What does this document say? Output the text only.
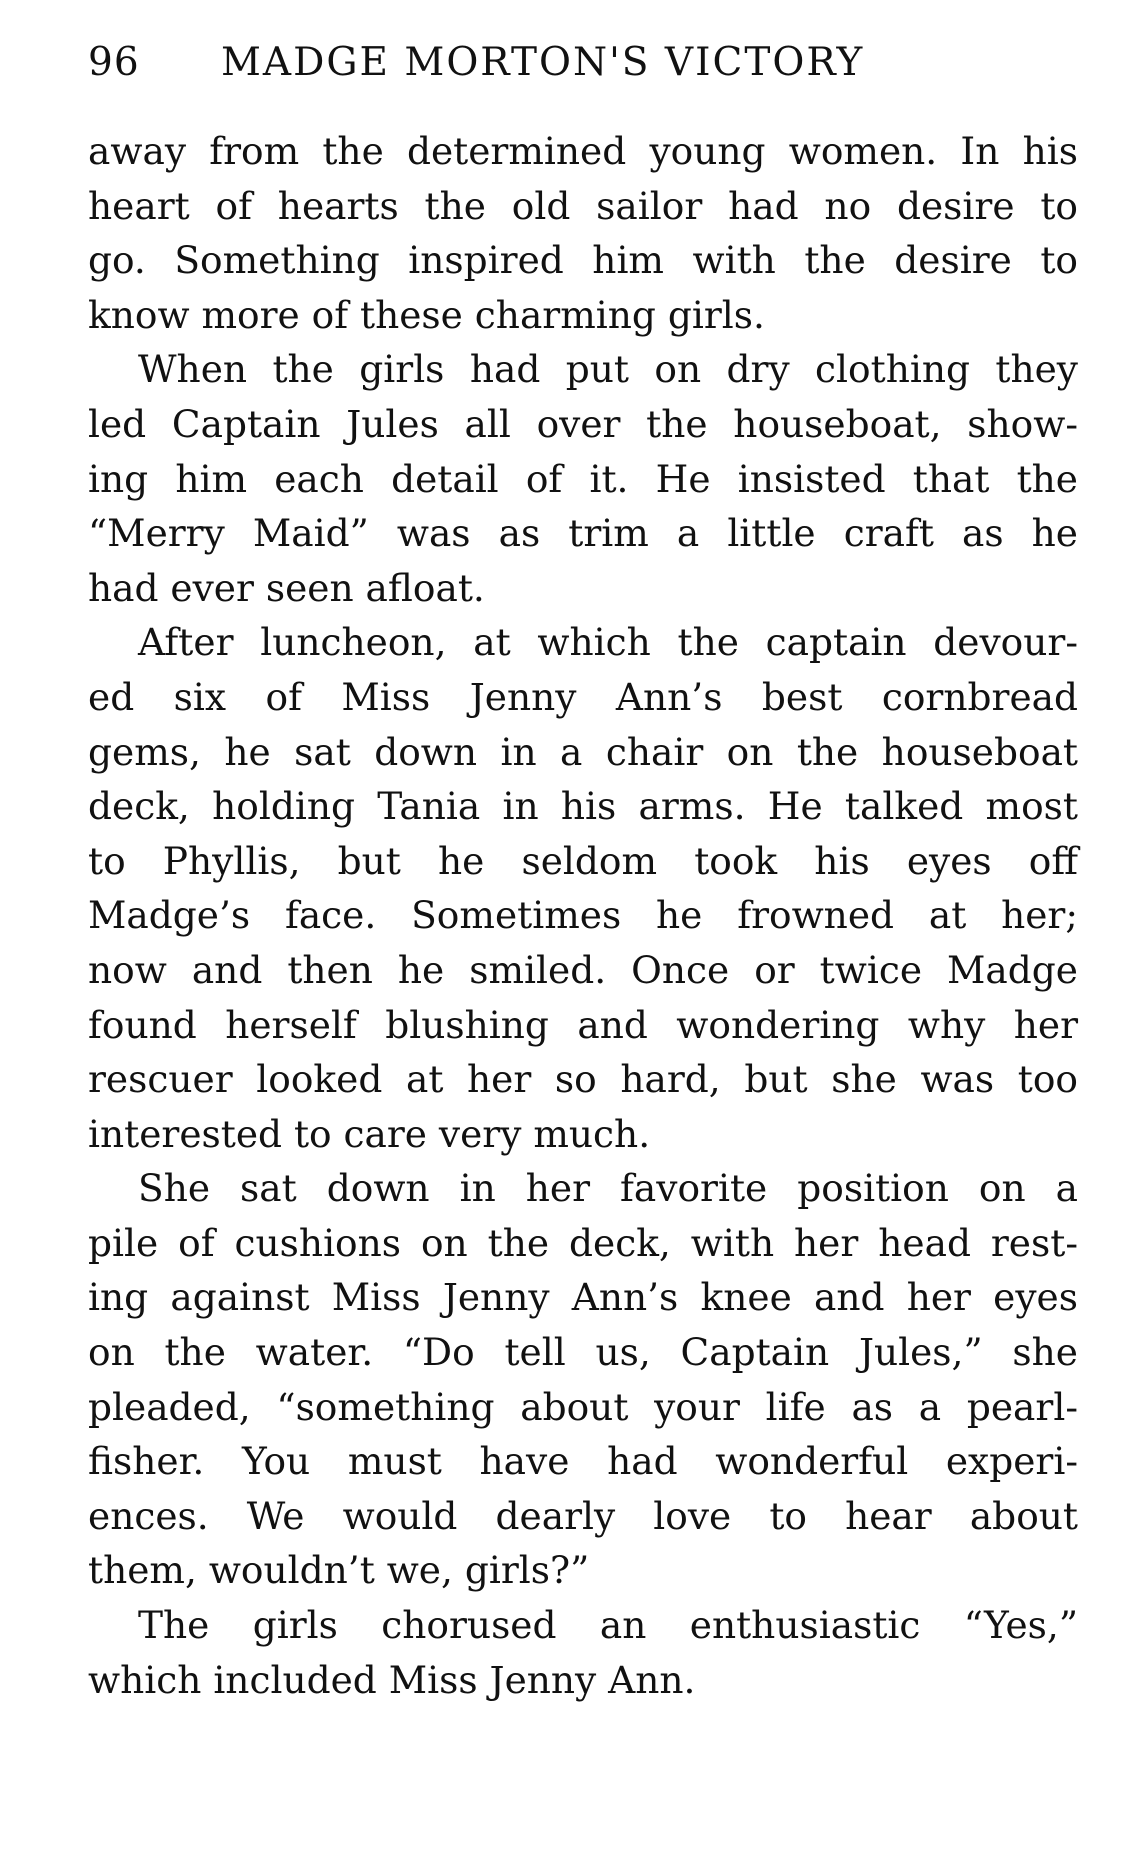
96	MADGE MORTON'S VICTORY
away from the determined young women. In his
heart of hearts the old sailor had no desire to
go. Something inspired him with the desire to
know more of these charming girls.
When the girls had put on dry clothing they
led Captain Jules all over the houseboat, show-
ing him each detail of it. He insisted that the
“Merry Maid” was as trim a little craft as he
had ever seen afloat.
After luncheon, at which the captain devour-
ed six of Miss Jenny Ann’s best cornbread
gems, he sat down in a chair on the houseboat
deck, holding Tania in his arms. He talked most
to Phyllis, but he seldom took his eyes off
Madge’s face. Sometimes he frowned at her;
now and then he smiled. Once or twice Madge
found herself blushing and wondering why her
rescuer looked at her so hard, but she was too
interested to care very much.
She sat down in her favorite position on a
pile of cushions on the deck, with her head rest-
ing against Miss Jenny Ann’s knee and her eyes
on the water. “Do tell us, Captain Jules,” she
pleaded, “something about your life as a pearl-
fisher. You must have had wonderful experi-
ences. We would dearly love to hear about
them, wouldn’t we, girls?”
The girls chorused an enthusiastic “Yes,”
which included Miss Jenny Ann.
